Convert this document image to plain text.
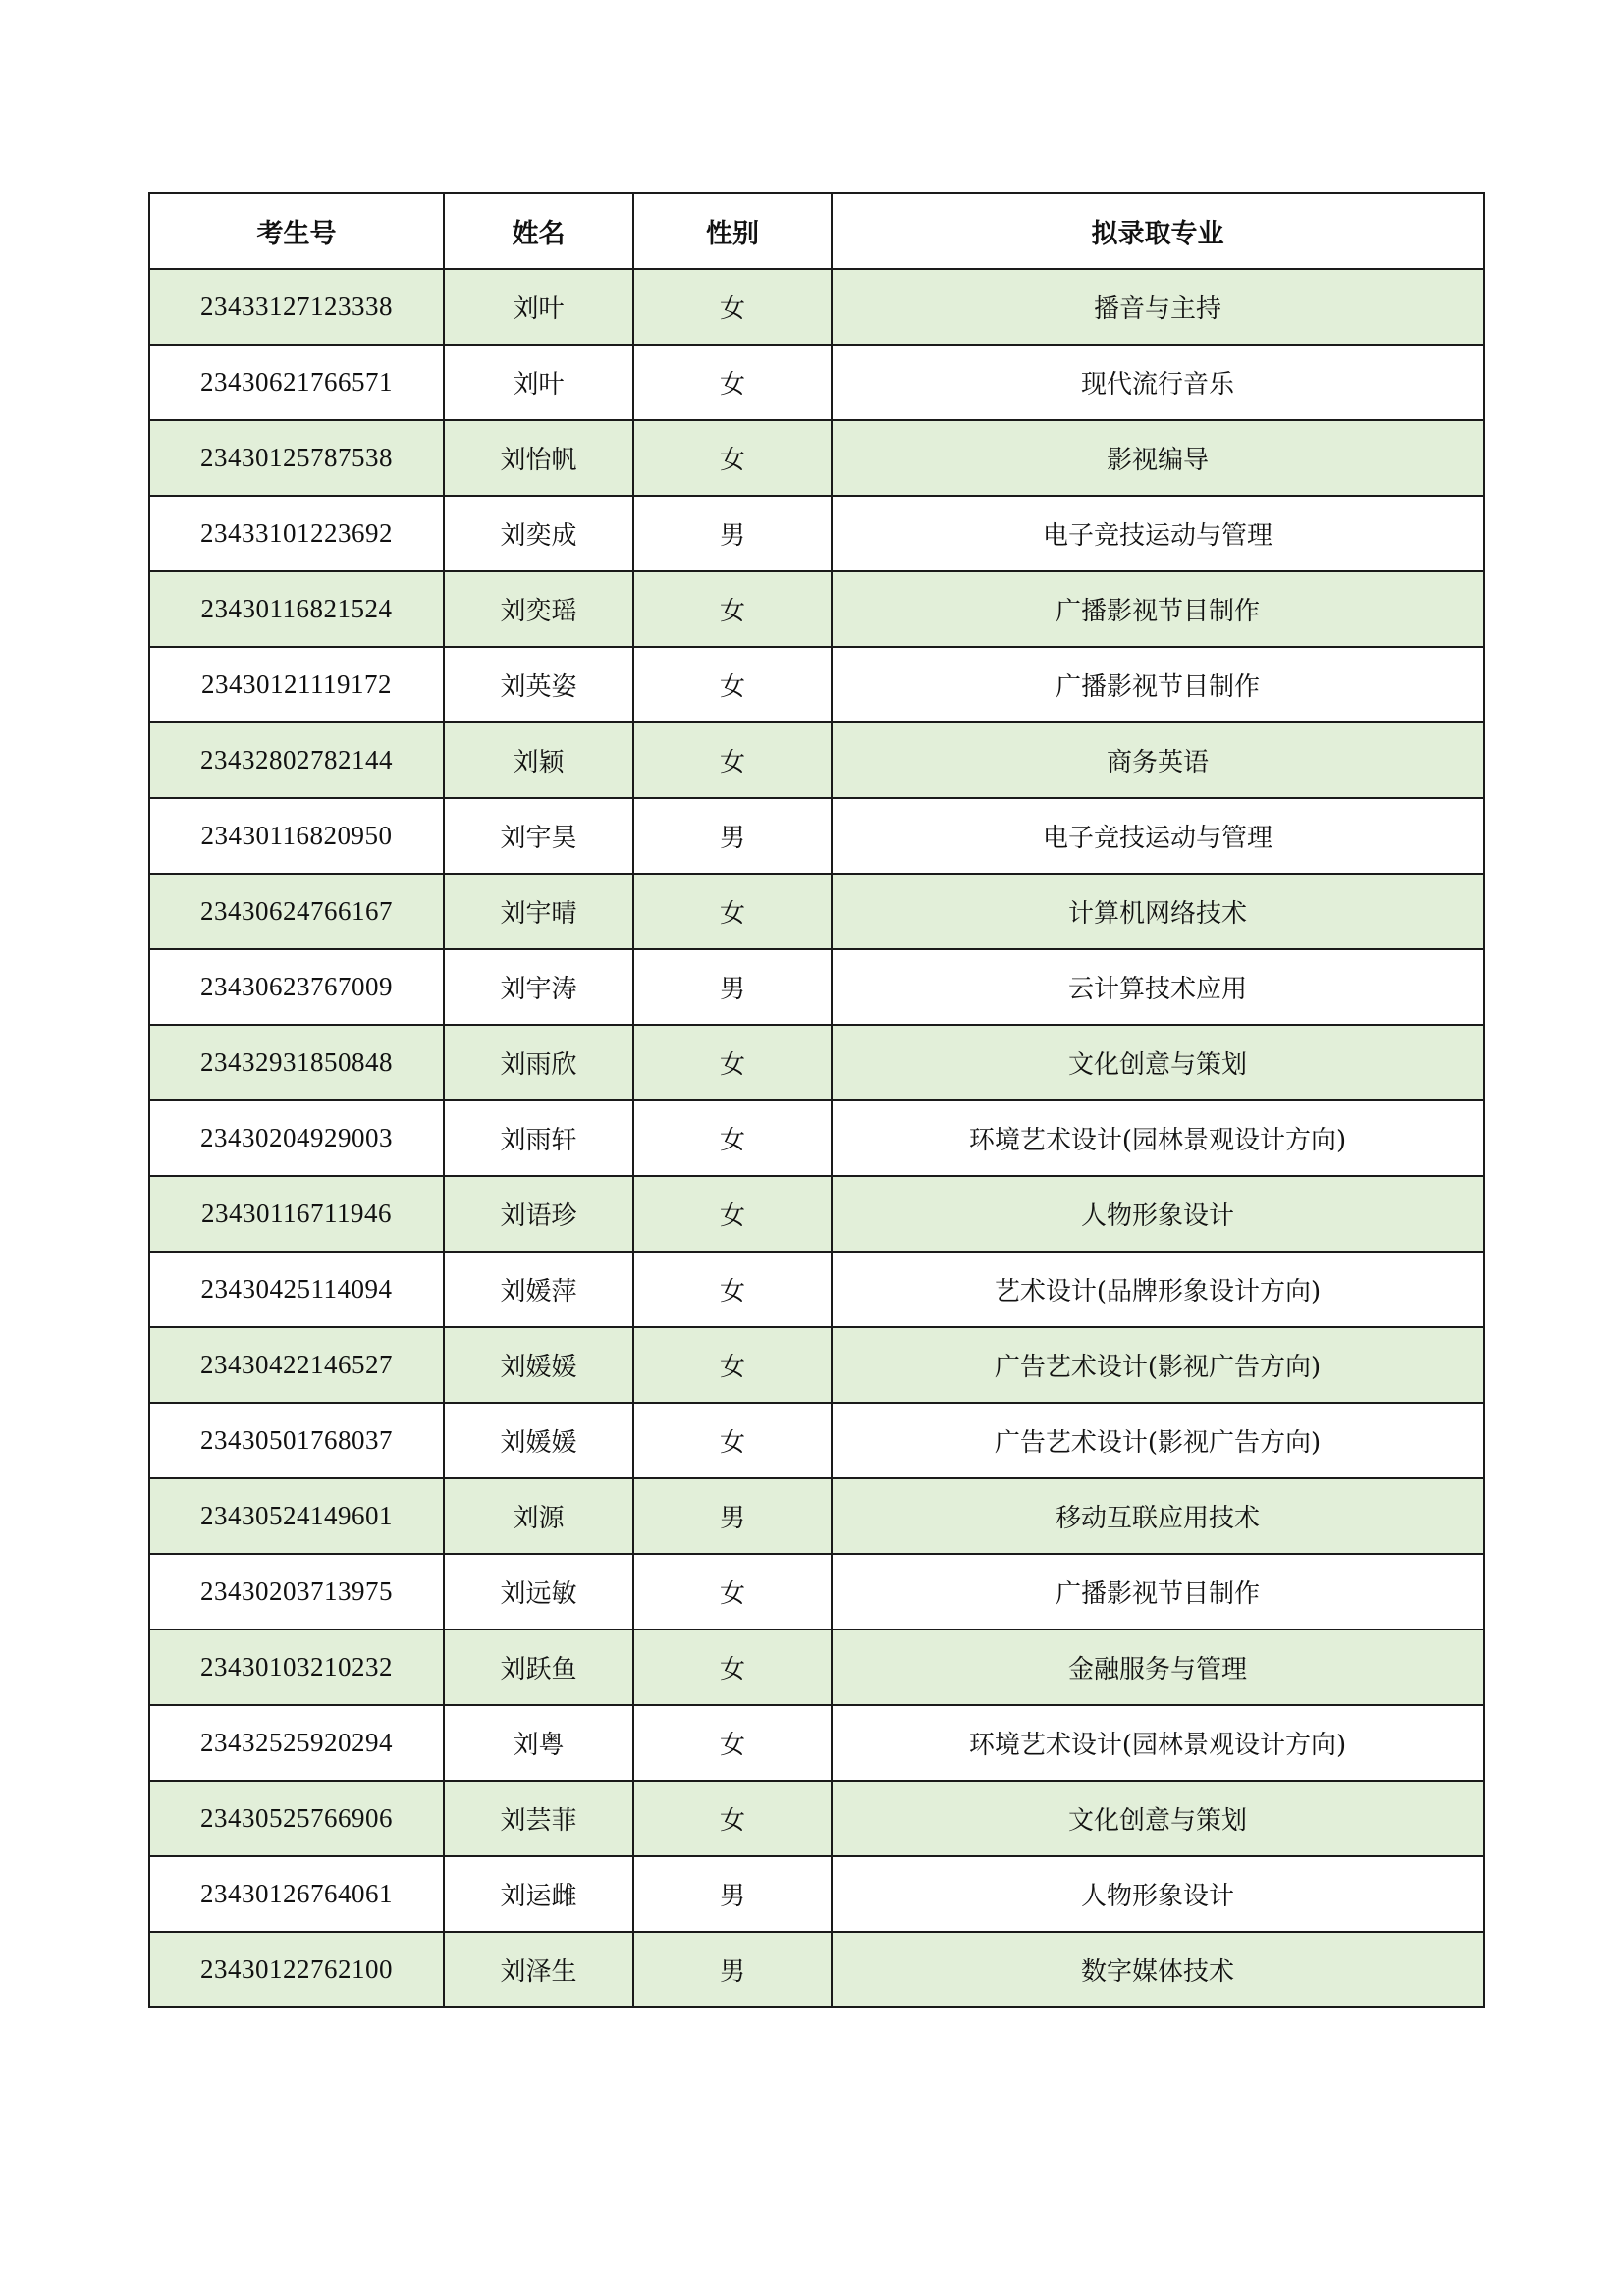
考生号	姓名	性别	拟录取专业
23433127123338	刘叶	女	播音与主持
23430621766571	刘叶	女	现代流行音乐
23430125787538	刘怡帆	女	影视编导
23433101223692	刘奕成	男	电子竞技运动与管理
23430116821524	刘奕瑶	女	广播影视节目制作
23430121119172	刘英姿	女	广播影视节目制作
23432802782144	刘颖	女	商务英语
23430116820950	刘宇昊	男	电子竞技运动与管理
23430624766167	刘宇晴	女	计算机网络技术
23430623767009	刘宇涛	男	云计算技术应用
23432931850848	刘雨欣	女	文化创意与策划
23430204929003	刘雨轩	女	环境艺术设计(园林景观设计方向)
23430116711946	刘语珍	女	人物形象设计
23430425114094	刘媛萍	女	艺术设计(品牌形象设计方向)
23430422146527	刘媛媛	女	广告艺术设计(影视广告方向)
23430501768037	刘媛媛	女	广告艺术设计(影视广告方向)
23430524149601	刘源	男	移动互联应用技术
23430203713975	刘远敏	女	广播影视节目制作
23430103210232	刘跃鱼	女	金融服务与管理
23432525920294	刘粤	女	环境艺术设计(园林景观设计方向)
23430525766906	刘芸菲	女	文化创意与策划
23430126764061	刘运雌	男	人物形象设计
23430122762100	刘泽生	男	数字媒体技术
